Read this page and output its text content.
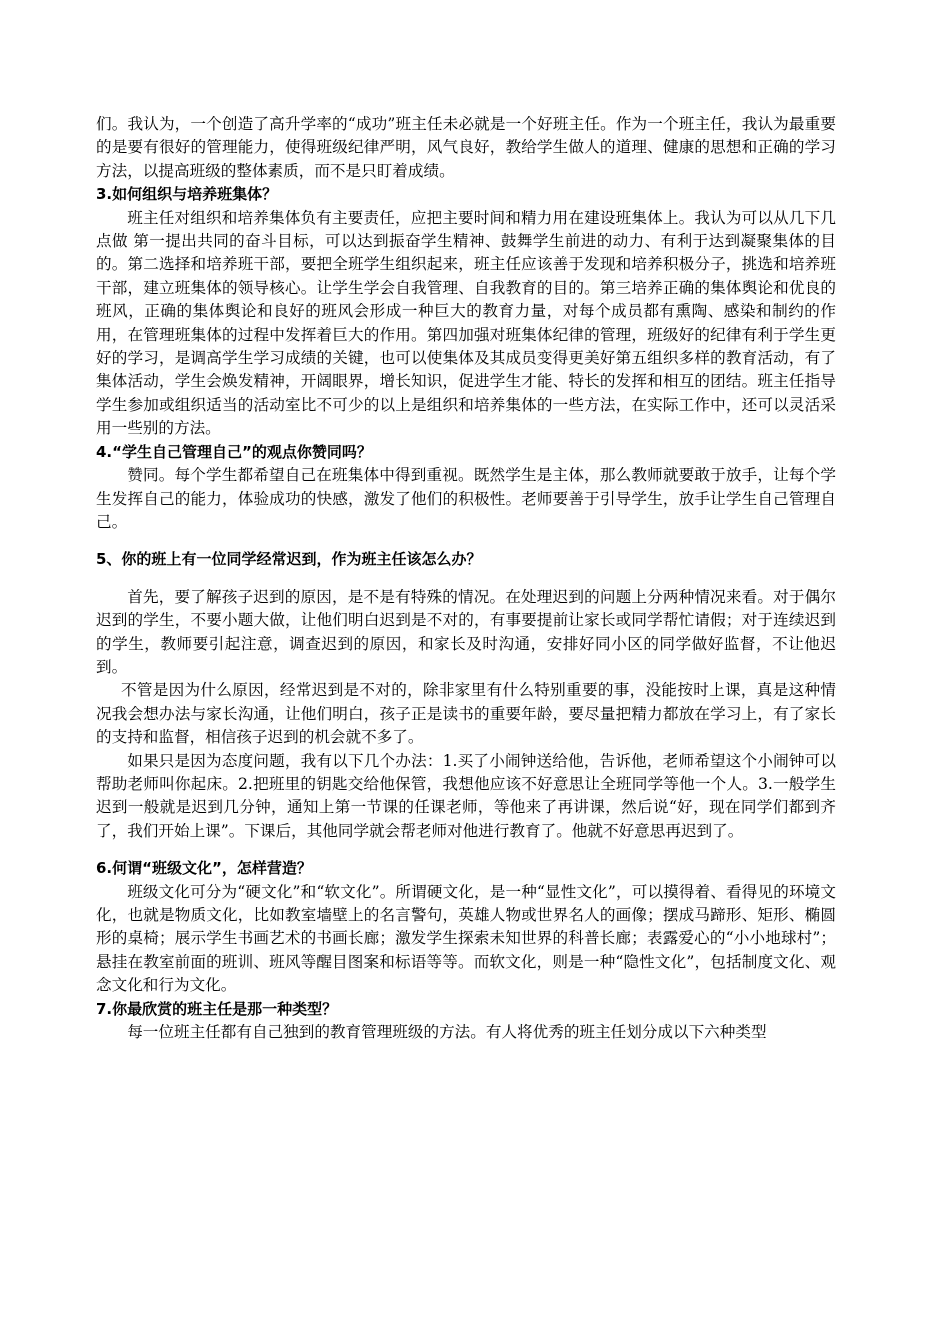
们。我认为，一个创造了高升学率的“成功”班主任未必就是一个好班主任。作为一个班主任，我认为最重要的是要有很好的管理能力，使得班级纪律严明，风气良好，教给学生做人的道理、健康的思想和正确的学习方法，以提高班级的整体素质，而不是只盯着成绩。

3.如何组织与培养班集体？

班主任对组织和培养集体负有主要责任，应把主要时间和精力用在建设班集体上。我认为可以从几下几点做 第一提出共同的奋斗目标，可以达到振奋学生精神、鼓舞学生前进的动力、有利于达到凝聚集体的目的。第二选择和培养班干部，要把全班学生组织起来，班主任应该善于发现和培养积极分子，挑选和培养班干部，建立班集体的领导核心。让学生学会自我管理、自我教育的目的。第三培养正确的集体舆论和优良的班风，正确的集体舆论和良好的班风会形成一种巨大的教育力量，对每个成员都有熏陶、感染和制约的作用，在管理班集体的过程中发挥着巨大的作用。第四加强对班集体纪律的管理，班级好的纪律有利于学生更好的学习，是调高学生学习成绩的关键，也可以使集体及其成员变得更美好第五组织多样的教育活动，有了集体活动，学生会焕发精神，开阔眼界，增长知识，促进学生才能、特长的发挥和相互的团结。班主任指导学生参加或组织适当的活动室比不可少的以上是组织和培养集体的一些方法，在实际工作中，还可以灵活采用一些别的方法。

4.“学生自己管理自己”的观点你赞同吗？

赞同。每个学生都希望自己在班集体中得到重视。既然学生是主体，那么教师就要敢于放手，让每个学生发挥自己的能力，体验成功的快感，激发了他们的积极性。老师要善于引导学生，放手让学生自己管理自己。

5、你的班上有一位同学经常迟到，作为班主任该怎么办？

首先，要了解孩子迟到的原因，是不是有特殊的情况。在处理迟到的问题上分两种情况来看。对于偶尔迟到的学生，不要小题大做，让他们明白迟到是不对的，有事要提前让家长或同学帮忙请假；对于连续迟到的学生，教师要引起注意，调查迟到的原因，和家长及时沟通，安排好同小区的同学做好监督，不让他迟到。

不管是因为什么原因，经常迟到是不对的，除非家里有什么特别重要的事，没能按时上课，真是这种情况我会想办法与家长沟通，让他们明白，孩子正是读书的重要年龄，要尽量把精力都放在学习上，有了家长的支持和监督，相信孩子迟到的机会就不多了。

如果只是因为态度问题，我有以下几个办法：1.买了小闹钟送给他，告诉他，老师希望这个小闹钟可以帮助老师叫你起床。2.把班里的钥匙交给他保管，我想他应该不好意思让全班同学等他一个人。3.一般学生迟到一般就是迟到几分钟，通知上第一节课的任课老师，等他来了再讲课，然后说“好，现在同学们都到齐了，我们开始上课”。下课后，其他同学就会帮老师对他进行教育了。他就不好意思再迟到了。

6.何谓“班级文化”，怎样营造？

班级文化可分为“硬文化”和“软文化”。所谓硬文化，是一种“显性文化”，可以摸得着、看得见的环境文化，也就是物质文化，比如教室墙壁上的名言警句，英雄人物或世界名人的画像；摆成马蹄形、矩形、椭圆形的桌椅；展示学生书画艺术的书画长廊；激发学生探索未知世界的科普长廊；表露爱心的“小小地球村”；悬挂在教室前面的班训、班风等醒目图案和标语等等。而软文化，则是一种“隐性文化”，包括制度文化、观念文化和行为文化。

7.你最欣赏的班主任是那一种类型？

每一位班主任都有自己独到的教育管理班级的方法。有人将优秀的班主任划分成以下六种类型
